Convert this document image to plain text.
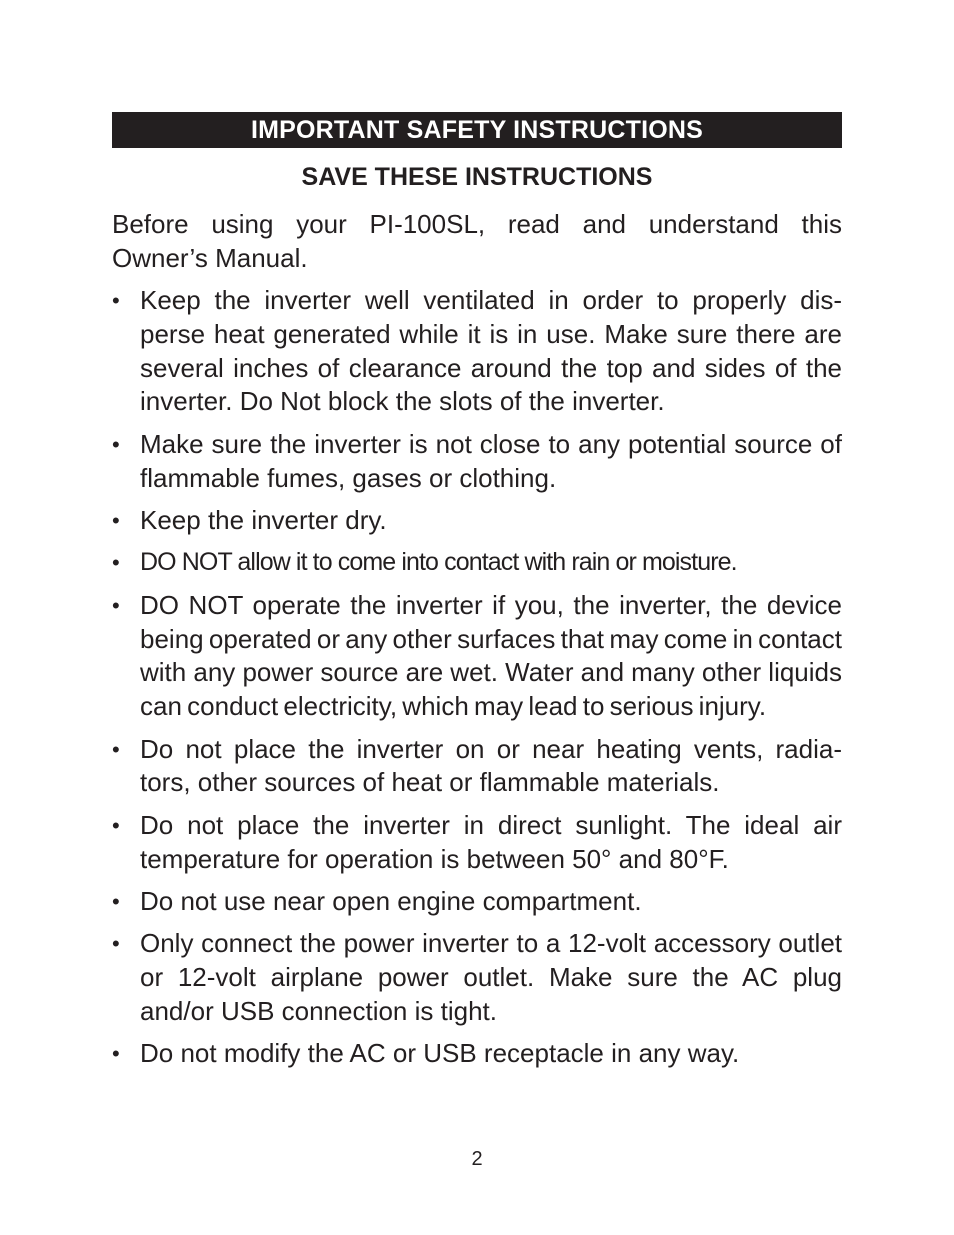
IMPORTANT SAFETY INSTRUCTIONS
SAVE THESE INSTRUCTIONS
Before using your PI-100SL, read and understand this
Owner’s Manual.
• Keep the inverter well ventilated in order to properly dis-perse heat generated while it is in use. Make sure there are several inches of clearance around the top and sides of the inverter. Do Not block the slots of the inverter.
• Make sure the inverter is not close to any potential source of flammable fumes, gases or clothing.
• Keep the inverter dry.
• DO NOT allow it to come into contact with rain or moisture.
• DO NOT operate the inverter if you, the inverter, the device being operated or any other surfaces that may come in contact with any power source are wet. Water and many other liquids can conduct electricity, which may lead to serious injury.
• Do not place the inverter on or near heating vents, radia-tors, other sources of heat or flammable materials.
• Do not place the inverter in direct sunlight. The ideal air temperature for operation is between 50° and 80°F.
• Do not use near open engine compartment.
• Only connect the power inverter to a 12-volt accessory outlet or 12-volt airplane power outlet. Make sure the AC plug and/or USB connection is tight.
• Do not modify the AC or USB receptacle in any way.
2
